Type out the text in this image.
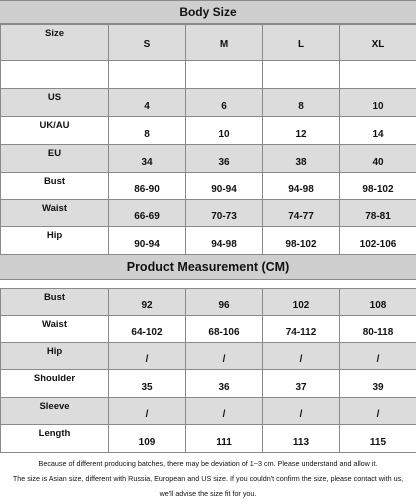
Body Size
Size	S	M	L	XL

US	4	6	8	10

UK/AU	8	10	12	14

EU	34	36	38	40

Bust	86-90	90-94	94-98	98-102

Waist	66-69	70-73	74-77	78-81

Hip	90-94	94-98	98-102	102-106
Product Measurement (CM)
Bust	92	96	102	108

Waist	64-102	68-106	74-112	80-118

Hip	/	/	/	/

Shoulder	35	36	37	39

Sleeve	/	/	/	/

Length	109	111	113	115
Because of different producing batches, there may be deviation of 1~3 cm. Please understand and allow it.
The size is Asian size, different with Russia, European and US size. If you couldn't confirm the size, please contact with us,
we'll advise the size fit for you.
